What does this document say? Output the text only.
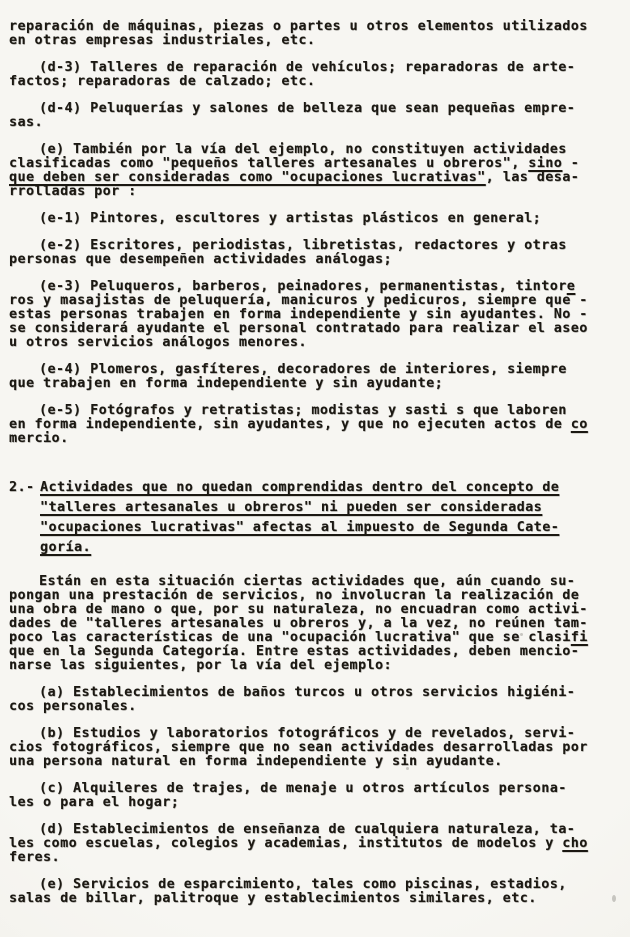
reparación de máquinas, piezas o partes u otros elementos utilizados
en otras empresas industriales, etc.
(d-3) Talleres de reparación de vehículos; reparadoras de arte-
factos; reparadoras de calzado; etc.
(d-4) Peluquerías y salones de belleza que sean pequeñas empre-
sas.
(e) También por la vía del ejemplo, no constituyen actividades
clasificadas como "pequeños talleres artesanales u obreros", sino -
que deben ser consideradas como "ocupaciones lucrativas", las desa-
rrolladas por :
(e-1) Pintores, escultores y artistas plásticos en general;
(e-2) Escritores, periodistas, libretistas, redactores y otras
personas que desempeñen actividades análogas;
(e-3) Peluqueros, barberos, peinadores, permanentistas, tintore
ros y masajistas de peluquería, manicuros y pedicuros, siempre que -
estas personas trabajen en forma independiente y sin ayudantes. No -
se considerará ayudante el personal contratado para realizar el aseo
u otros servicios análogos menores.
(e-4) Plomeros, gasfíteres, decoradores de interiores, siempre
que trabajen en forma independiente y sin ayudante;
(e-5) Fotógrafos y retratistas; modistas y sasti s que laboren
en forma independiente, sin ayudantes, y que no ejecuten actos de co
mercio.
2.- Actividades que no quedan comprendidas dentro del concepto de
"talleres artesanales u obreros" ni pueden ser consideradas
"ocupaciones lucrativas" afectas al impuesto de Segunda Cate-
goría.
Están en esta situación ciertas actividades que, aún cuando su-
pongan una prestación de servicios, no involucran la realización de
una obra de mano o que, por su naturaleza, no encuadran como activi-
dades de "talleres artesanales u obreros y, a la vez, no reúnen tam-
poco las características de una "ocupación lucrativa" que se clasifi
que en la Segunda Categoría. Entre estas actividades, deben mencio-
narse las siguientes, por la vía del ejemplo:
(a) Establecimientos de baños turcos u otros servicios higiéni-
cos personales.
(b) Estudios y laboratorios fotográficos y de revelados, servi-
cios fotográficos, siempre que no sean actividades desarrolladas por
una persona natural en forma independiente y sin ayudante.
(c) Alquileres de trajes, de menaje u otros artículos persona-
les o para el hogar;
(d) Establecimientos de enseñanza de cualquiera naturaleza, ta-
les como escuelas, colegios y academias, institutos de modelos y cho
feres.
(e) Servicios de esparcimiento, tales como piscinas, estadios,
salas de billar, palitroque y establecimientos similares, etc.
